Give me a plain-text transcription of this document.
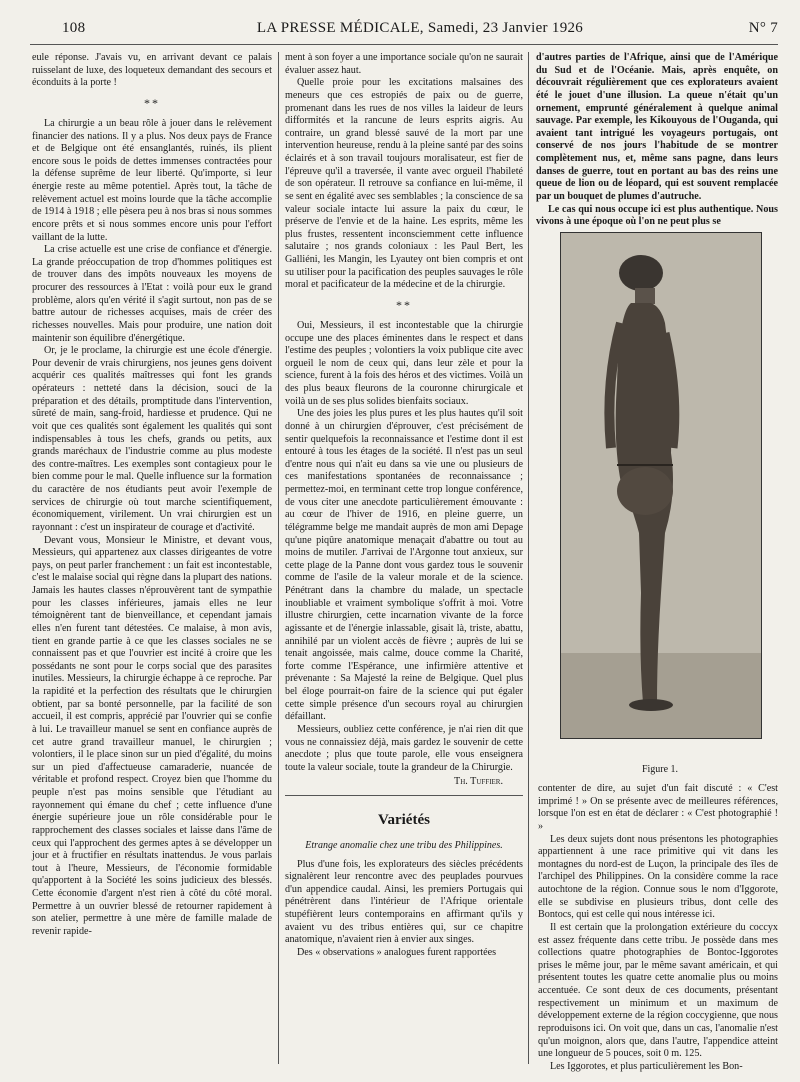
108	LA PRESSE MÉDICALE, Samedi, 23 Janvier 1926	N° 7

eule réponse. J'avais vu, en arrivant devant ce palais ruisselant de luxe, des loqueteux demandant des secours et éconduits à la porte !

**

La chirurgie a un beau rôle à jouer dans le relèvement financier des nations. Il y a plus. Nos deux pays de France et de Belgique ont été ensanglantés, ruinés, ils plient encore sous le poids de dettes immenses contractées pour la défense suprême de leur liberté. Qu'importe, si leur énergie reste au même potentiel. Après tout, la tâche de relèvement actuel est moins lourde que la tâche accomplie de 1914 à 1918 ; elle pèsera peu à nos bras si nous sommes encore prêts et si nous sommes encore unis pour l'effort vaillant de la lutte.

La crise actuelle est une crise de confiance et d'énergie. La grande préoccupation de trop d'hommes politiques est de trouver dans des impôts nouveaux les moyens de procurer des ressources à l'Etat : voilà pour eux le grand problème, alors qu'en vérité il s'agit surtout, non pas de se battre autour de richesses acquises, mais de créer des richesses nouvelles. Mais pour produire, une nation doit maintenir son équilibre d'énergétique.

Or, je le proclame, la chirurgie est une école d'énergie. Pour devenir de vrais chirurgiens, nos jeunes gens doivent acquérir ces qualités maîtresses qui font les grands opérateurs : netteté dans la décision, souci de la préparation et des détails, promptitude dans l'intervention, sûreté de main, sang-froid, hardiesse et prudence. Qui ne voit que ces qualités sont également les qualités qui sont indispensables à tous les chefs, grands ou petits, aux grands maréchaux de l'industrie comme au plus modeste des contre-maîtres. Les exemples sont contagieux pour le bien comme pour le mal. Quelle influence sur la formation du caractère de nos étudiants peut avoir l'exemple de services de chirurgie où tout marche scientifiquement, économiquement, virilement. Un vrai chirurgien est un rayonnant : c'est un inspirateur de courage et d'activité.

Devant vous, Monsieur le Ministre, et devant vous, Messieurs, qui appartenez aux classes dirigeantes de votre pays, on peut parler franchement : un fait est incontestable, c'est le malaise social qui règne dans la plupart des nations. Jamais les hautes classes n'éprouvèrent tant de sympathie pour les classes inférieures, jamais elles ne leur témoignèrent tant de bienveillance, et cependant jamais elles n'en furent tant détestées. Ce malaise, à mon avis, tient en grande partie à ce que les classes sociales ne se connaissent pas et que l'ouvrier est incité à croire que les possédants ne sont pour le corps social que des parasites inutiles. Messieurs, la chirurgie échappe à ce reproche. Par la rapidité et la perfection des résultats que le chirurgien obtient, par sa bonté personnelle, par la facilité de son accueil, il est compris, apprécié par l'ouvrier qui se confie à lui. Le travailleur manuel se sent en confiance auprès de cet autre grand travailleur manuel, le chirurgien ; volontiers, il le place sinon sur un pied d'égalité, du moins sur un pied d'affectueuse camaraderie, nuancée de véritable et profond respect. Croyez bien que l'homme du peuple n'est pas moins sensible que l'étudiant au rayonnement qui émane du chef ; cette influence d'une énergie supérieure joue un rôle considérable pour le rapprochement des classes sociales et laisse dans l'âme de ceux qui l'approchent des germes aptes à se développer un jour et à fructifier en résultats inattendus. Je vous parlais tout à l'heure, Messieurs, de l'économie formidable qu'apportent à la Société les soins judicieux des blessés. Cette économie d'argent n'est rien à côté du côté moral. Permettre à un ouvrier blessé de retourner rapidement à son atelier, permettre à une mère de famille malade de revenir rapide-

ment à son foyer a une importance sociale qu'on ne saurait évaluer assez haut.

Quelle proie pour les excitations malsaines des meneurs que ces estropiés de paix ou de guerre, promenant dans les rues de nos villes la laideur de leurs difformités et la rancune de leurs esprits aigris. Au contraire, un grand blessé sauvé de la mort par une intervention heureuse, rendu à la pleine santé par des soins éclairés et à son travail toujours moralisateur, est fier de l'épreuve qu'il a traversée, il vante avec orgueil l'habileté de son opérateur. Il retrouve sa confiance en lui-même, il se sent en égalité avec ses semblables ; la conscience de sa valeur sociale intacte lui assure la paix du cœur, le préserve de l'envie et de la haine. Les esprits, même les plus frustes, ressentent inconsciemment cette influence salutaire ; nos grands coloniaux : les Paul Bert, les Galliéni, les Mangin, les Lyautey ont bien compris et ont su utiliser pour la pacification des peuples sauvages le rôle moral et pacificateur de la médecine et de la chirurgie.

**

Oui, Messieurs, il est incontestable que la chirurgie occupe une des places éminentes dans le respect et dans l'estime des peuples ; volontiers la voix publique cite avec orgueil le nom de ceux qui, dans leur zèle et pour la science, furent à la fois des héros et des victimes. Voilà un des plus beaux fleurons de la couronne chirurgicale et voilà un de ses plus solides bienfaits sociaux.

Une des joies les plus pures et les plus hautes qu'il soit donné à un chirurgien d'éprouver, c'est précisément de sentir quelquefois la reconnaissance et l'estime dont il est entouré à tous les étages de la société. Il n'est pas un seul d'entre nous qui n'ait eu dans sa vie une ou plusieurs de ces manifestations spontanées de reconnaissance ; permettez-moi, en terminant cette trop longue conférence, de vous citer une anecdote particulièrement émouvante : au cœur de l'hiver de 1916, en pleine guerre, un télégramme belge me mandait auprès de mon ami Depage qu'une piqûre anatomique menaçait d'abattre ou tout au moins de mutiler. J'arrivai de l'Argonne tout anxieux, sur cette plage de la Panne dont vous gardez tous le souvenir comme de l'asile de la valeur morale et de la science. Pénétrant dans la chambre du malade, un spectacle inoubliable et vraiment symbolique s'offrit à moi. Votre illustre chirurgien, cette incarnation vivante de la force agissante et de l'énergie inlassable, gisait là, triste, abattu, annihilé par un violent accès de fièvre ; auprès de lui se tenait angoissée, mais calme, douce comme la Charité, forte comme l'Espérance, une infirmière attentive et prévenante : Sa Majesté la reine de Belgique. Quel plus bel éloge pourrait-on faire de la science qui put égaler cette simple présence d'un secours royal au chirurgien défaillant.

Messieurs, oubliez cette conférence, je n'ai rien dit que vous ne connaissiez déjà, mais gardez le souvenir de cette anecdote ; plus que toute parole, elle vous enseignera toute la valeur sociale, toute la grandeur de la Chirurgie.

Th. Tuffier.
Variétés
Etrange anomalie chez une tribu des Philippines.

Plus d'une fois, les explorateurs des siècles précédents signalèrent leur rencontre avec des peuplades pourvues d'un appendice caudal. Ainsi, les premiers Portugais qui pénétrèrent dans l'intérieur de l'Afrique orientale stupéfièrent leurs contemporains en affirmant qu'ils y avaient vu des tribus entières qui, sur ce chapitre anatomique, n'avaient rien à envier aux singes.

Des « observations » analogues furent rapportées

d'autres parties de l'Afrique, ainsi que de l'Amérique du Sud et de l'Océanie. Mais, après enquête, on découvrait régulièrement que ces explorateurs avaient été le jouet d'une illusion. La queue n'était qu'un ornement, emprunté généralement à quelque animal sauvage. Par exemple, les Kikouyous de l'Ouganda, qui avaient tant intrigué les voyageurs portugais, ont conservé de nos jours l'habitude de se montrer complètement nus, et, même sans pagne, dans leurs danses de guerre, tout en portant au bas des reins une queue de lion ou de léopard, qui est souvent remplacée par un bouquet de plumes d'autruche.

Le cas qui nous occupe ici est plus authentique. Nous vivons à une époque où l'on ne peut plus se

Figure 1.

contenter de dire, au sujet d'un fait discuté : « C'est imprimé ! » On se présente avec de meilleures références, lorsque l'on est en état de déclarer : « C'est photographié ! »

Les deux sujets dont nous présentons les photographies appartiennent à une race primitive qui vit dans les montagnes du nord-est de Luçon, la principale des îles de l'archipel des Philippines. On la considère comme la race autochtone de la région. Connue sous le nom d'Iggorote, elle se subdivise en plusieurs tribus, dont celle des Bontocs, qui est celle qui nous intéresse ici.

Il est certain que la prolongation extérieure du coccyx est assez fréquente dans cette tribu. Je possède dans mes collections quatre photographies de Bontoc-Iggorotes prises le même jour, par le même savant américain, et qui présentent toutes les quatre cette anomalie plus ou moins accentuée. Ce sont deux de ces documents, présentant respectivement un minimum et un maximum de développement externe de la région coccygienne, que nous reproduisons ici. On voit que, dans un cas, l'anomalie n'est qu'un moignon, alors que, dans l'autre, l'appendice atteint une longueur de 5 pouces, soit 0 m. 125.

Les Iggorotes, et plus particulièrement les Bon-
